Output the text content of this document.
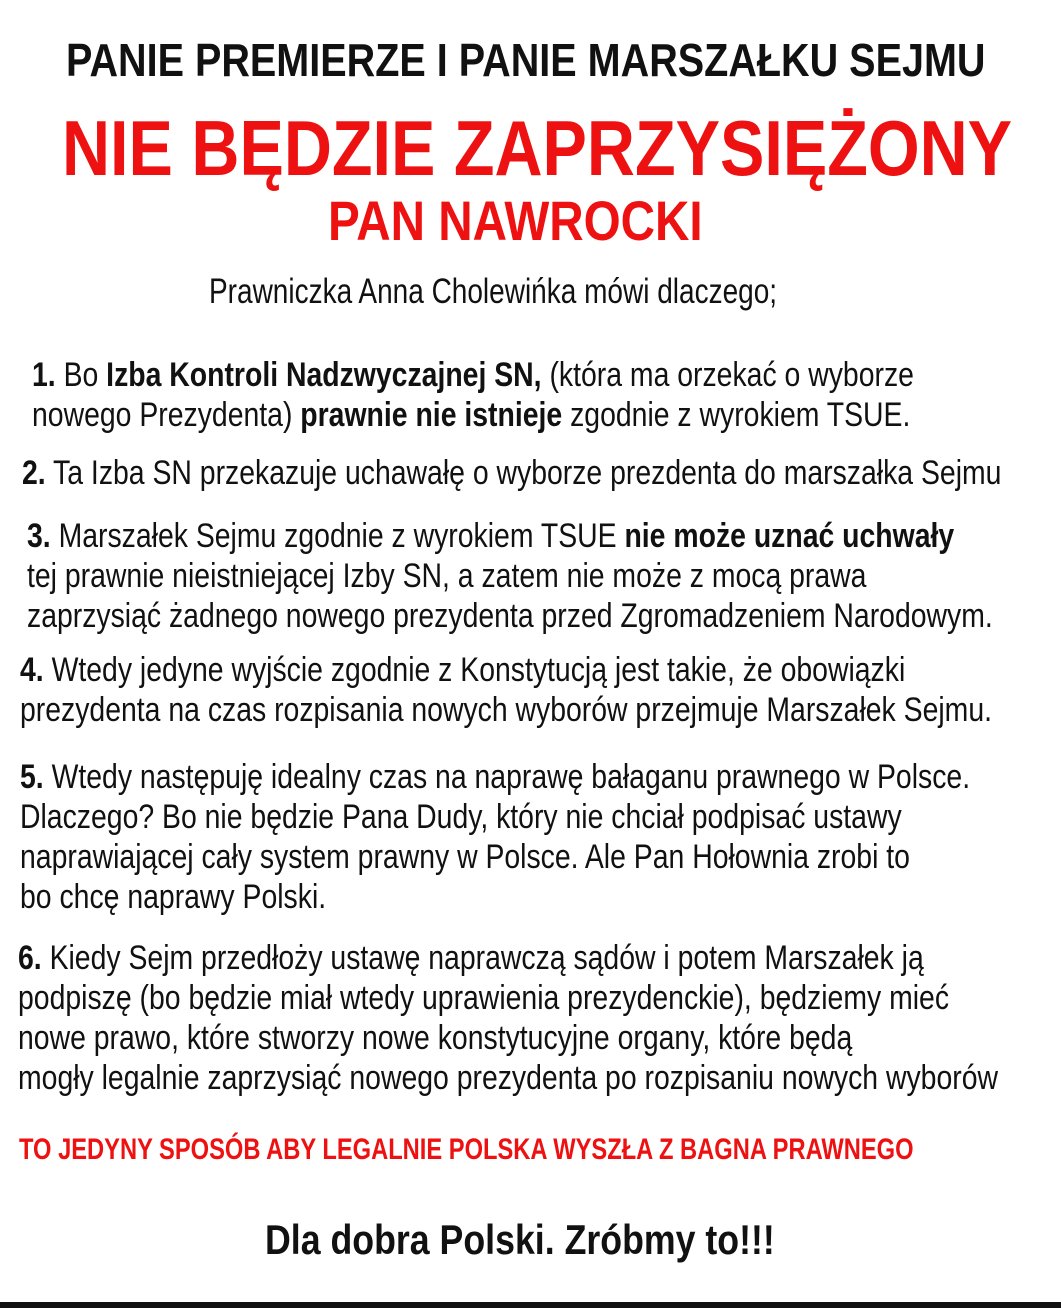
PANIE PREMIERZE I PANIE MARSZAŁKU SEJMU
NIE BĘDZIE ZAPRZYSIĘŻONY
PAN NAWROCKI
Prawniczka Anna Cholewińka mówi dlaczego;
1. Bo Izba Kontroli Nadzwyczajnej SN, (która ma orzekać o wyborze
nowego Prezydenta) prawnie nie istnieje zgodnie z wyrokiem TSUE.
2. Ta Izba SN przekazuje uchawałę o wyborze prezdenta do marszałka Sejmu
3. Marszałek Sejmu zgodnie z wyrokiem TSUE nie może uznać uchwały
tej prawnie nieistniejącej Izby SN, a zatem nie może z mocą prawa
zaprzysiąć żadnego nowego prezydenta przed Zgromadzeniem Narodowym.
4. Wtedy jedyne wyjście zgodnie z Konstytucją jest takie, że obowiązki
prezydenta na czas rozpisania nowych wyborów przejmuje Marszałek Sejmu.
5. Wtedy następuję idealny czas na naprawę bałaganu prawnego w Polsce.
Dlaczego? Bo nie będzie Pana Dudy, który nie chciał podpisać ustawy
naprawiającej cały system prawny w Polsce. Ale Pan Hołownia zrobi to
bo chcę naprawy Polski.
6. Kiedy Sejm przedłoży ustawę naprawczą sądów i potem Marszałek ją
podpiszę (bo będzie miał wtedy uprawienia prezydenckie), będziemy mieć
nowe prawo, które stworzy nowe konstytucyjne organy, które będą
mogły legalnie zaprzysiąć nowego prezydenta po rozpisaniu nowych wyborów
TO JEDYNY SPOSÓB ABY LEGALNIE POLSKA WYSZŁA Z BAGNA PRAWNEGO
Dla dobra Polski. Zróbmy to!!!
